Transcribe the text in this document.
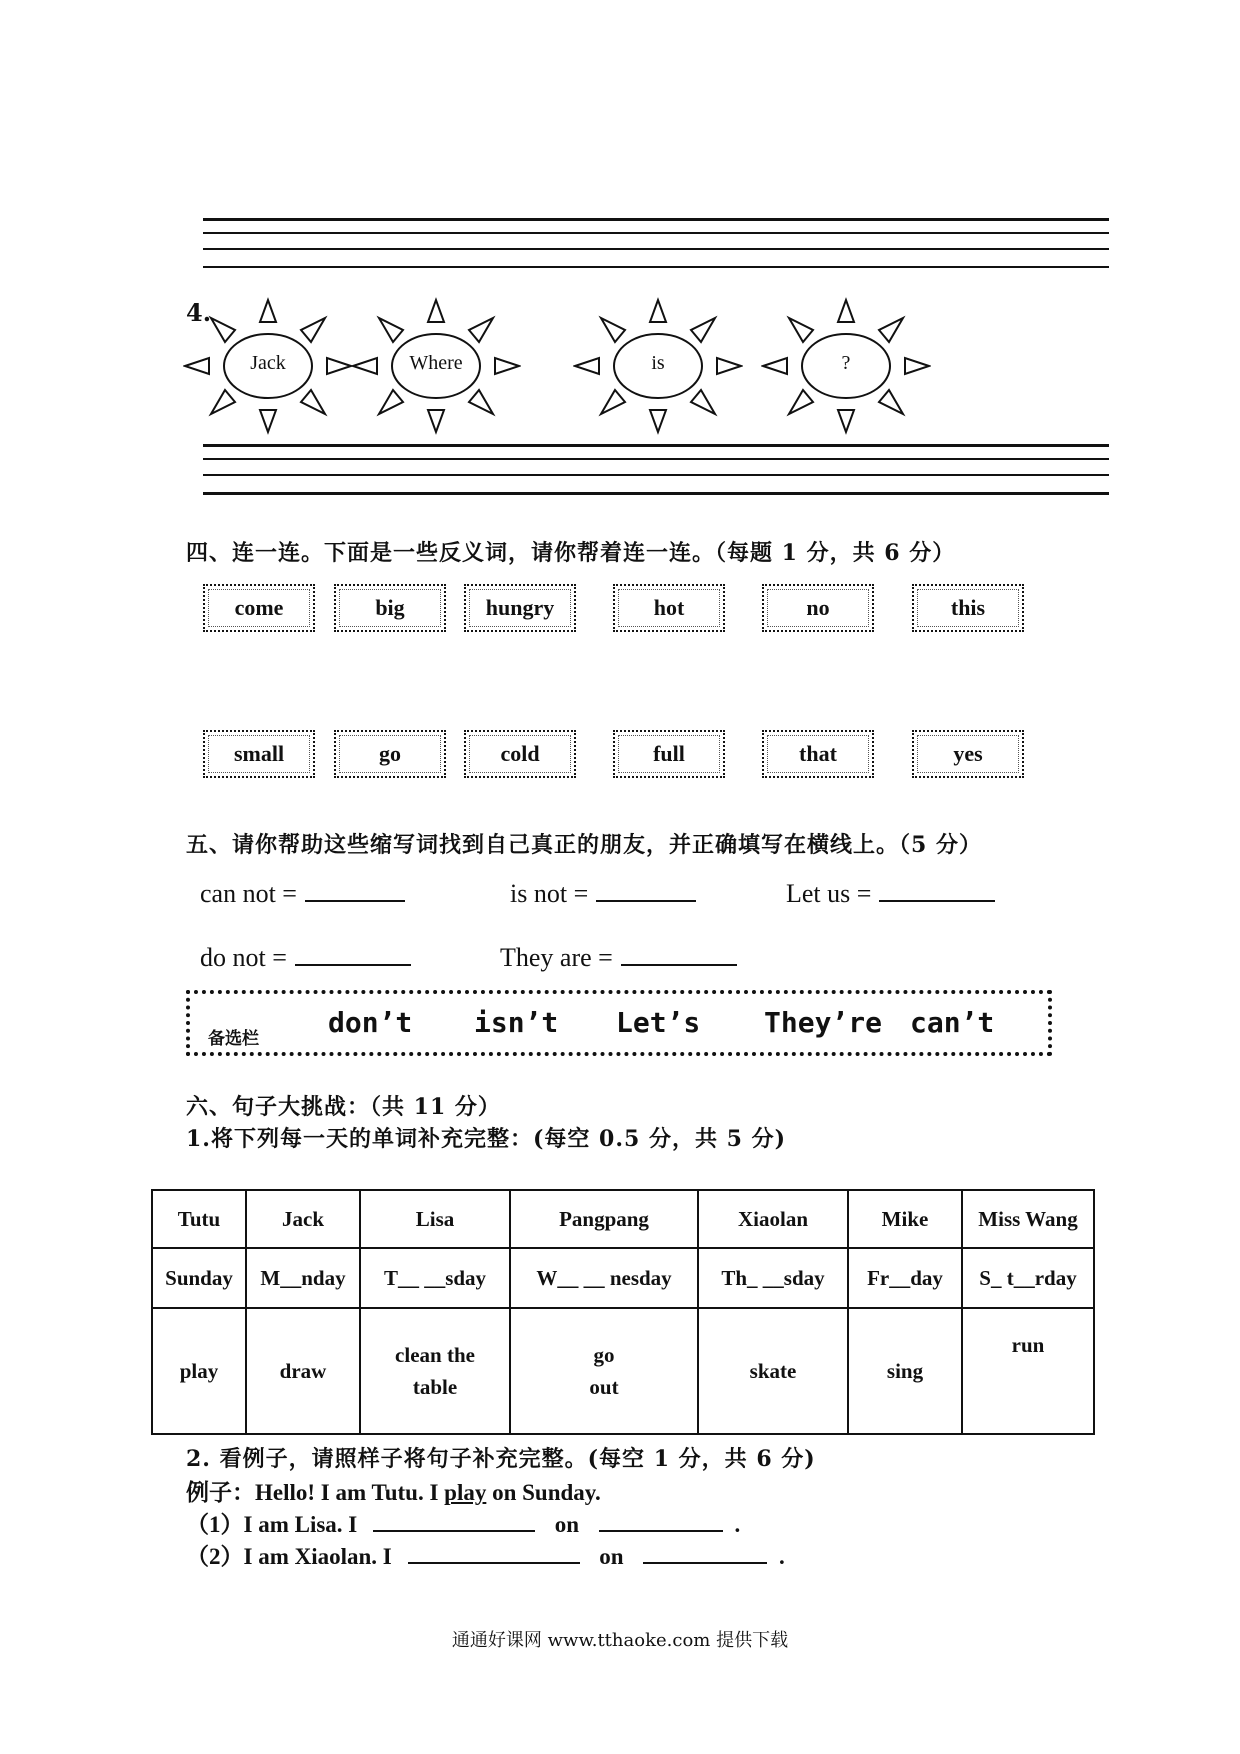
4.
Jack	Where	is	?
四、连一连。下面是一些反义词，请你帮着连一连。（每题 1 分，共 6 分）
come	big	hungry	hot	no	this
small	go	cold	full	that	yes
五、请你帮助这些缩写词找到自己真正的朋友，并正确填写在横线上。（5 分）
can not =	is not =	Let us =
do not =	They are =
备选栏 don’t isn’t Let’s They’re can’t
六、句子大挑战：（共 11 分）
1.将下列每一天的单词补充完整：(每空 0.5 分，共 5 分)
Tutu	Jack	Lisa	Pangpang	Xiaolan	Mike	Miss Wang
Sunday	M__nday	T__ __sday	W__ __ nesday	Th_ __sday	Fr__day	S_ t__rday
play	draw	clean the table	go out	skate	sing	run
2. 看例子，请照样子将句子补充完整。(每空 1 分，共 6 分)
例子：Hello! I am Tutu. I play on Sunday.
（1）I am Lisa. I	on	.
（2）I am Xiaolan. I	on	.
通通好课网 www.tthaoke.com 提供下载
